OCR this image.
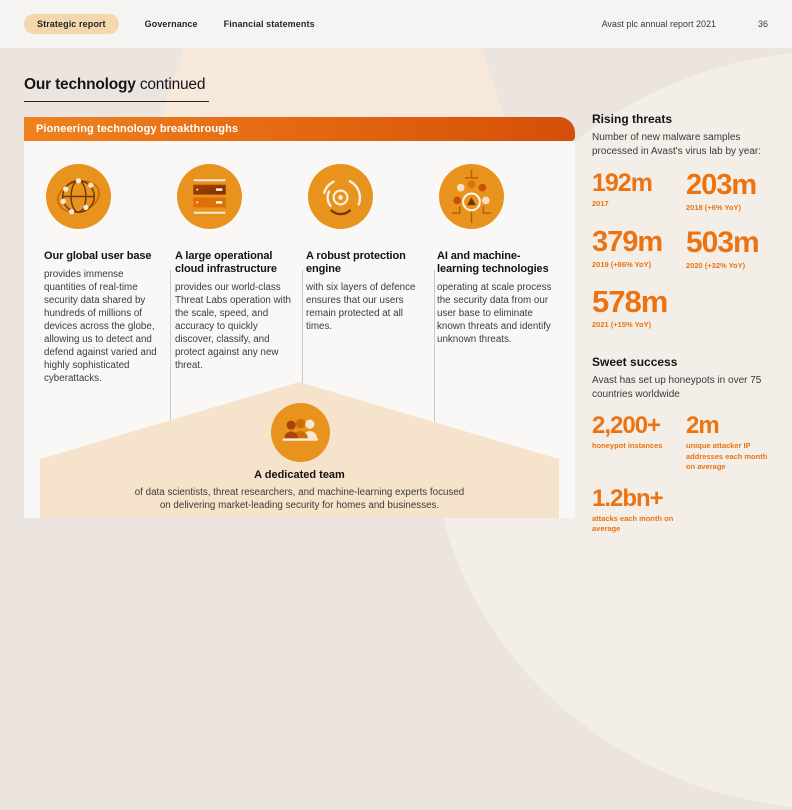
Strategic report	Governance	Financial statements	Avast plc annual report 2021	36
Our technology continued
Pioneering technology breakthroughs
Our global user base

provides immense quantities of real-time security data shared by hundreds of millions of devices across the globe, allowing us to detect and defend against varied and highly sophisticated cyberattacks.

A large operational cloud infrastructure

provides our world-class Threat Labs operation with the scale, speed, and accuracy to quickly discover, classify, and protect against any new threat.

A robust protection engine

with six layers of defence ensures that our users remain protected at all times.

AI and machine-learning technologies

operating at scale process the security data from our user base to eliminate known threats and identify unknown threats.

A dedicated team

of data scientists, threat researchers, and machine-learning experts focused on delivering market-leading security for homes and businesses.

Rising threats

Number of new malware samples processed in Avast's virus lab by year:

192m
2017
203m
2018 (+6% YoY)
379m
2019 (+86% YoY)
503m
2020 (+32% YoY)
578m
2021 (+15% YoY)

Sweet success

Avast has set up honeypots in over 75 countries worldwide

2,200+
honeypot instances
2m
unique attacker IP addresses each month on average
1.2bn+
attacks each month on average
